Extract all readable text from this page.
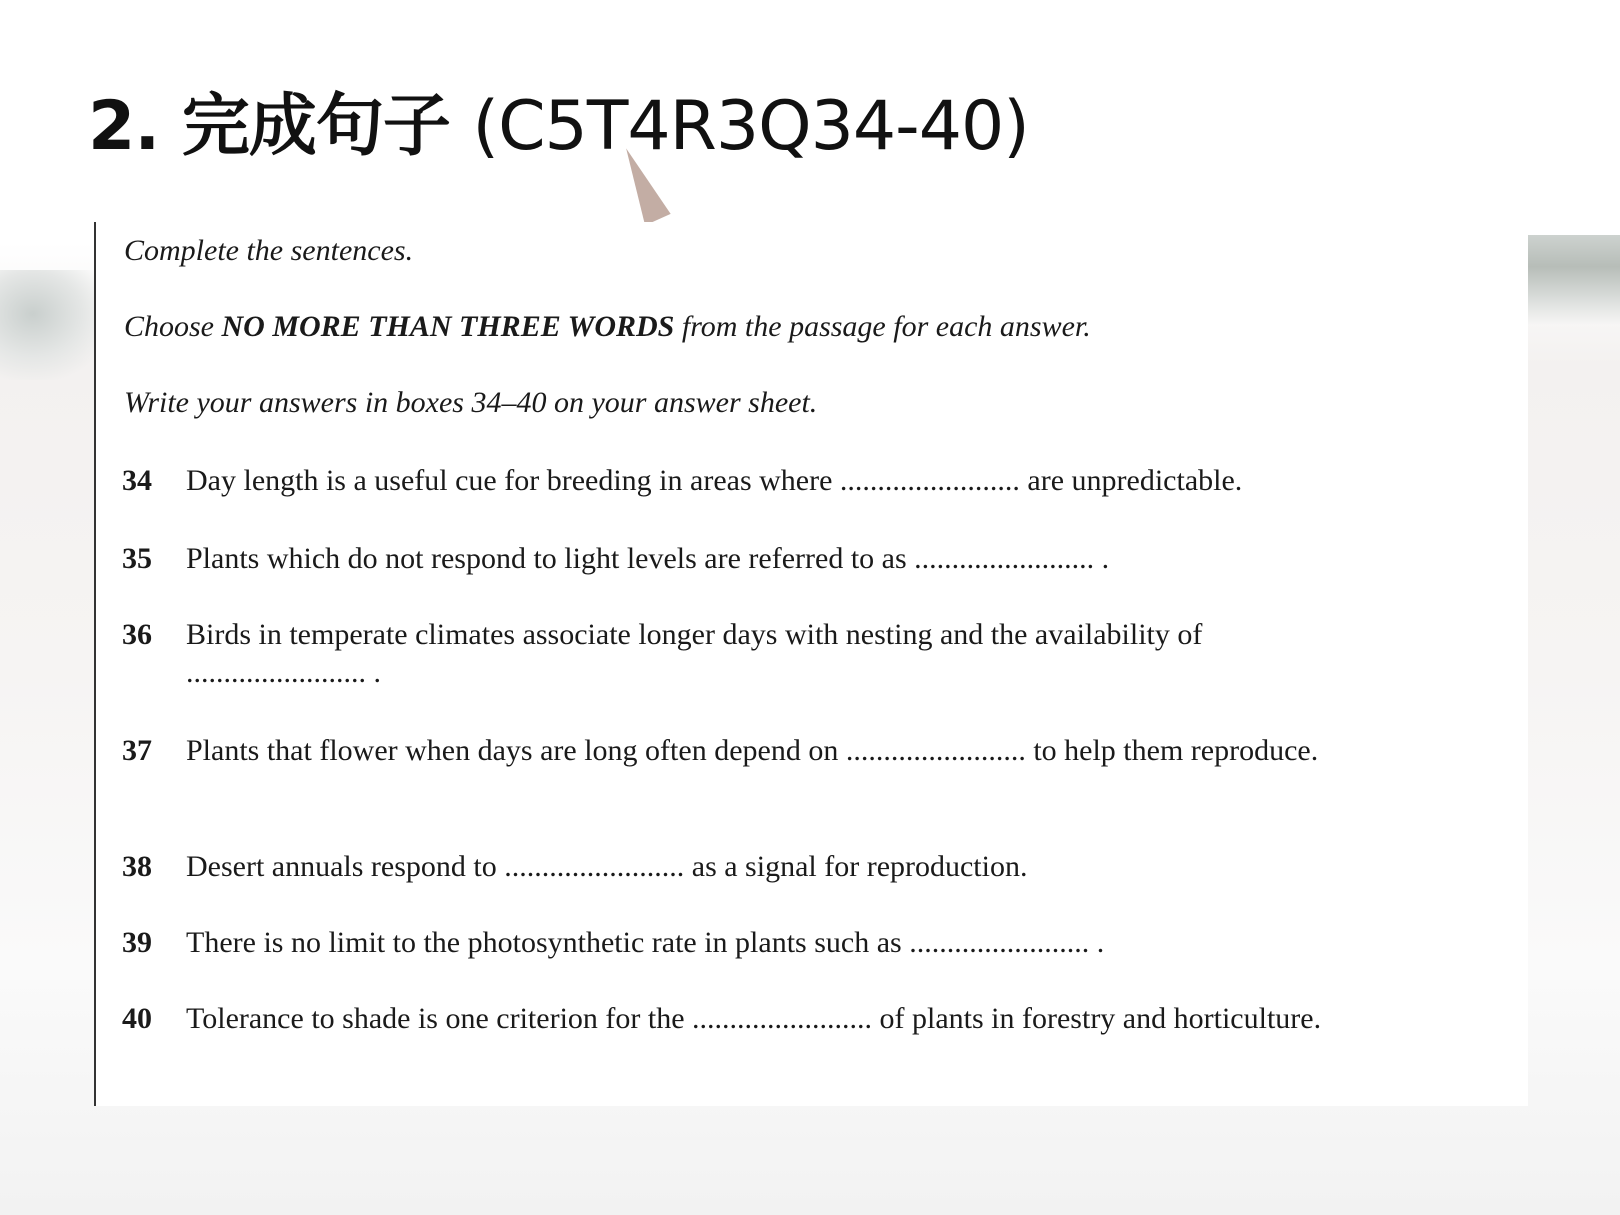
2. 完成句子 (C5T4R3Q34-40)
Complete the sentences.
Choose NO MORE THAN THREE WORDS from the passage for each answer.
Write your answers in boxes 34–40 on your answer sheet.
34	Day length is a useful cue for breeding in areas where ........................ are unpredictable.
35	Plants which do not respond to light levels are referred to as ........................ .
36	Birds in temperate climates associate longer days with nesting and the availability of ........................ .
37	Plants that flower when days are long often depend on ........................ to help them reproduce.
38	Desert annuals respond to ........................ as a signal for reproduction.
39	There is no limit to the photosynthetic rate in plants such as ........................ .
40	Tolerance to shade is one criterion for the ........................ of plants in forestry and horticulture.
